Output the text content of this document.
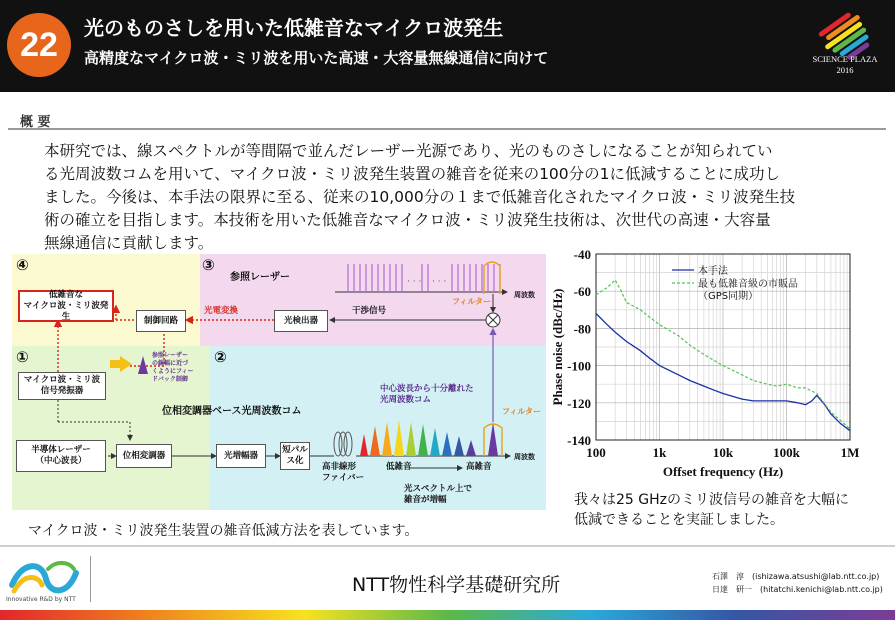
22	光のものさしを用いた低雑音なマイクロ波発生
高精度なマイクロ波・ミリ波を用いた高速・大容量無線通信に向けて	SCIENCE PLAZA
2016
概 要
本研究では、線スペクトルが等間隔で並んだレーザー光源であり、光のものさしになることが知られてい
る光周波数コムを用いて、マイクロ波・ミリ波発生装置の雑音を従来の100分の1に低減することに成功し
ました。今後は、本手法の限界に至る、従来の10,000分の１まで低雑音化されたマイクロ波・ミリ波発生技
術の確立を目指します。本技術を用いた低雑音なマイクロ波・ミリ波発生技術は、次世代の高速・大容量
無線通信に貢献します。
· · · · · ·
④	③
①	②
低雑音な
マイクロ波・ミリ波発生	制御回路
参照レーザー
光電変換
光検出器
干渉信号
フィルター
周波数
参照レーザー
の線幅に近づ
くようにフィー
ドバック制御
マイクロ波・ミリ波
信号発振器
位相変調器ベース光周波数コム
半導体レーザー
（中心波長）
位相変調器	光増幅器
短パル
ス化
高非線形
ファイバー
中心波長から十分離れた
光周波数コム
フィルター
低雑音	高雑音
周波数
光スペクトル上で
雑音が増幅
マイクロ波・ミリ波発生装置の雑音低減方法を表しています。
100	1k	10k	100k	1M
-40
-60
-80
-100
-120
-140
Offset frequency (Hz)
Phase noise (dBc/Hz)
本手法
最も低雑音級の市販品
（GPS同期）
我々は25 GHzのミリ波信号の雑音を大幅に
低減できることを実証しました。
Innovative R&D by NTT
NTT物性科学基礎研究所	石澤　淳　(ishizawa.atsushi@lab.ntt.co.jp)
日達　研一　(hitatchi.kenichi@lab.ntt.co.jp)
